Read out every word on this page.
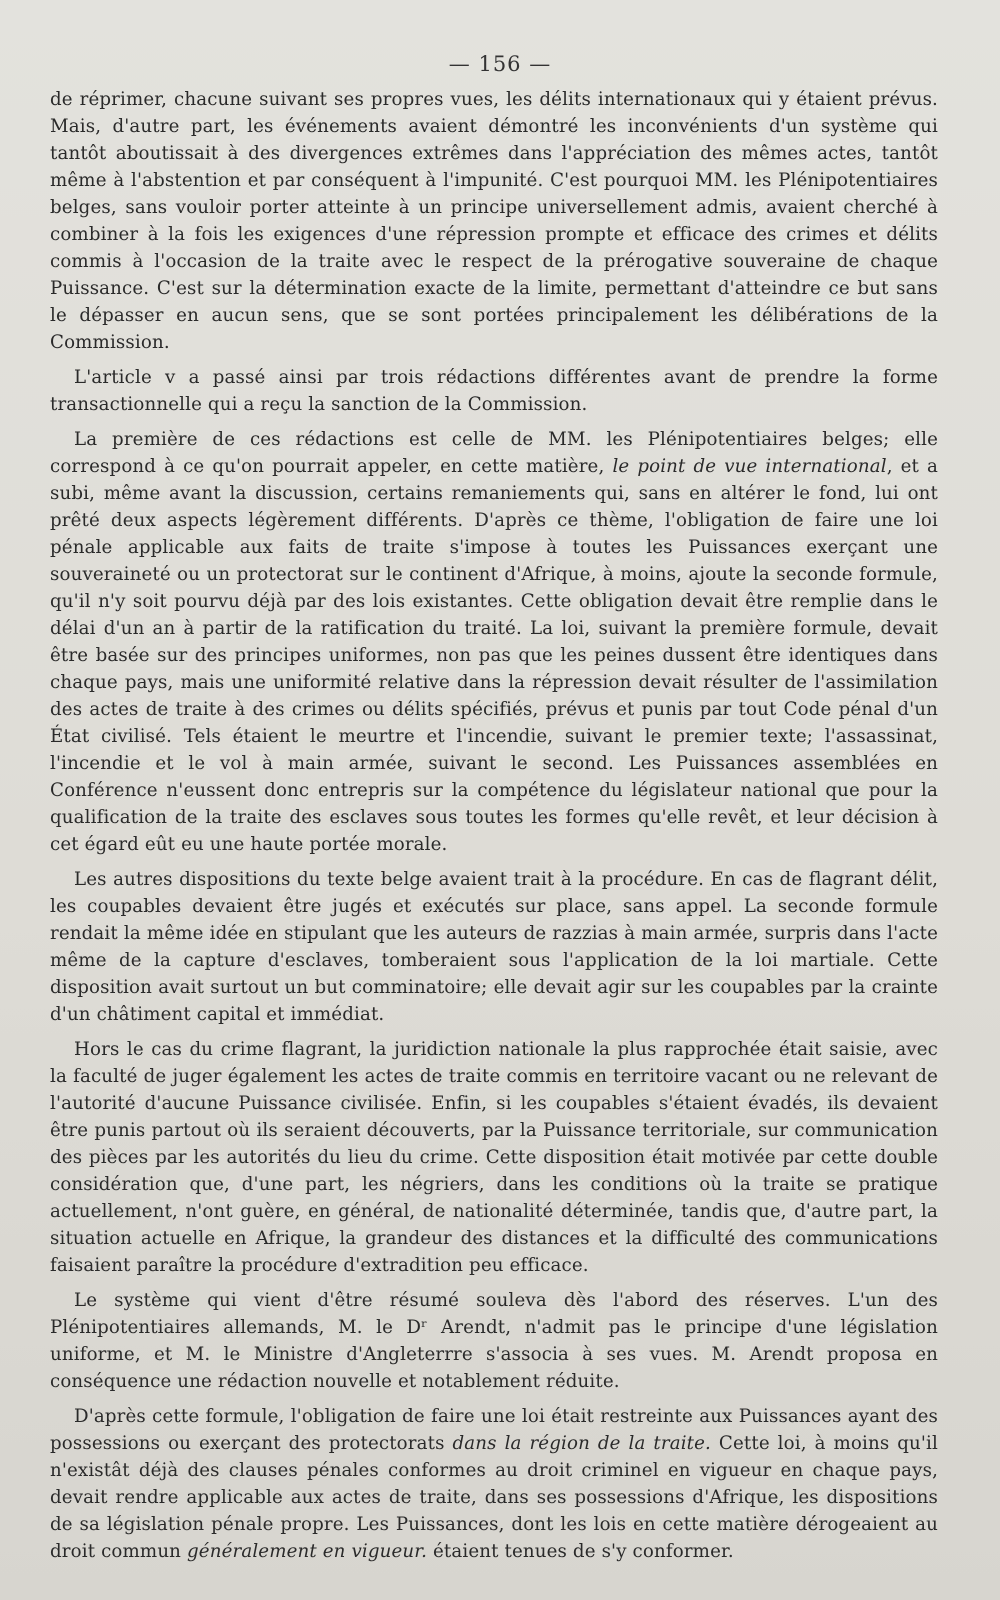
— 156 —

de réprimer, chacune suivant ses propres vues, les délits internationaux qui y étaient prévus. Mais, d'autre part, les événements avaient démontré les inconvénients d'un système qui tantôt aboutissait à des divergences extrêmes dans l'appréciation des mêmes actes, tantôt même à l'abstention et par conséquent à l'impunité. C'est pourquoi MM. les Plénipotentiaires belges, sans vouloir porter atteinte à un principe universellement admis, avaient cherché à combiner à la fois les exigences d'une répression prompte et efficace des crimes et délits commis à l'occasion de la traite avec le respect de la prérogative souveraine de chaque Puissance. C'est sur la détermination exacte de la limite, permettant d'atteindre ce but sans le dépasser en aucun sens, que se sont portées principalement les délibérations de la Commission.

L'article v a passé ainsi par trois rédactions différentes avant de prendre la forme transactionnelle qui a reçu la sanction de la Commission.

La première de ces rédactions est celle de MM. les Plénipotentiaires belges; elle correspond à ce qu'on pourrait appeler, en cette matière, le point de vue international, et a subi, même avant la discussion, certains remaniements qui, sans en altérer le fond, lui ont prêté deux aspects légèrement différents. D'après ce thème, l'obligation de faire une loi pénale applicable aux faits de traite s'impose à toutes les Puissances exerçant une souveraineté ou un protectorat sur le continent d'Afrique, à moins, ajoute la seconde formule, qu'il n'y soit pourvu déjà par des lois existantes. Cette obligation devait être remplie dans le délai d'un an à partir de la ratification du traité. La loi, suivant la première formule, devait être basée sur des principes uniformes, non pas que les peines dussent être identiques dans chaque pays, mais une uniformité relative dans la répression devait résulter de l'assimilation des actes de traite à des crimes ou délits spécifiés, prévus et punis par tout Code pénal d'un État civilisé. Tels étaient le meurtre et l'incendie, suivant le premier texte; l'assassinat, l'incendie et le vol à main armée, suivant le second. Les Puissances assemblées en Conférence n'eussent donc entrepris sur la compétence du législateur national que pour la qualification de la traite des esclaves sous toutes les formes qu'elle revêt, et leur décision à cet égard eût eu une haute portée morale.

Les autres dispositions du texte belge avaient trait à la procédure. En cas de flagrant délit, les coupables devaient être jugés et exécutés sur place, sans appel. La seconde formule rendait la même idée en stipulant que les auteurs de razzias à main armée, surpris dans l'acte même de la capture d'esclaves, tomberaient sous l'application de la loi martiale. Cette disposition avait surtout un but comminatoire; elle devait agir sur les coupables par la crainte d'un châtiment capital et immédiat.

Hors le cas du crime flagrant, la juridiction nationale la plus rapprochée était saisie, avec la faculté de juger également les actes de traite commis en territoire vacant ou ne relevant de l'autorité d'aucune Puissance civilisée. Enfin, si les coupables s'étaient évadés, ils devaient être punis partout où ils seraient découverts, par la Puissance territoriale, sur communication des pièces par les autorités du lieu du crime. Cette disposition était motivée par cette double considération que, d'une part, les négriers, dans les conditions où la traite se pratique actuellement, n'ont guère, en général, de nationalité déterminée, tandis que, d'autre part, la situation actuelle en Afrique, la grandeur des distances et la difficulté des communications faisaient paraître la procédure d'extradition peu efficace.

Le système qui vient d'être résumé souleva dès l'abord des réserves. L'un des Plénipotentiaires allemands, M. le Dʳ Arendt, n'admit pas le principe d'une législation uniforme, et M. le Ministre d'Angleterrre s'associa à ses vues. M. Arendt proposa en conséquence une rédaction nouvelle et notablement réduite.

D'après cette formule, l'obligation de faire une loi était restreinte aux Puissances ayant des possessions ou exerçant des protectorats dans la région de la traite. Cette loi, à moins qu'il n'existât déjà des clauses pénales conformes au droit criminel en vigueur en chaque pays, devait rendre applicable aux actes de traite, dans ses possessions d'Afrique, les dispositions de sa législation pénale propre. Les Puissances, dont les lois en cette matière dérogeaient au droit commun généralement en vigueur. étaient tenues de s'y conformer.
